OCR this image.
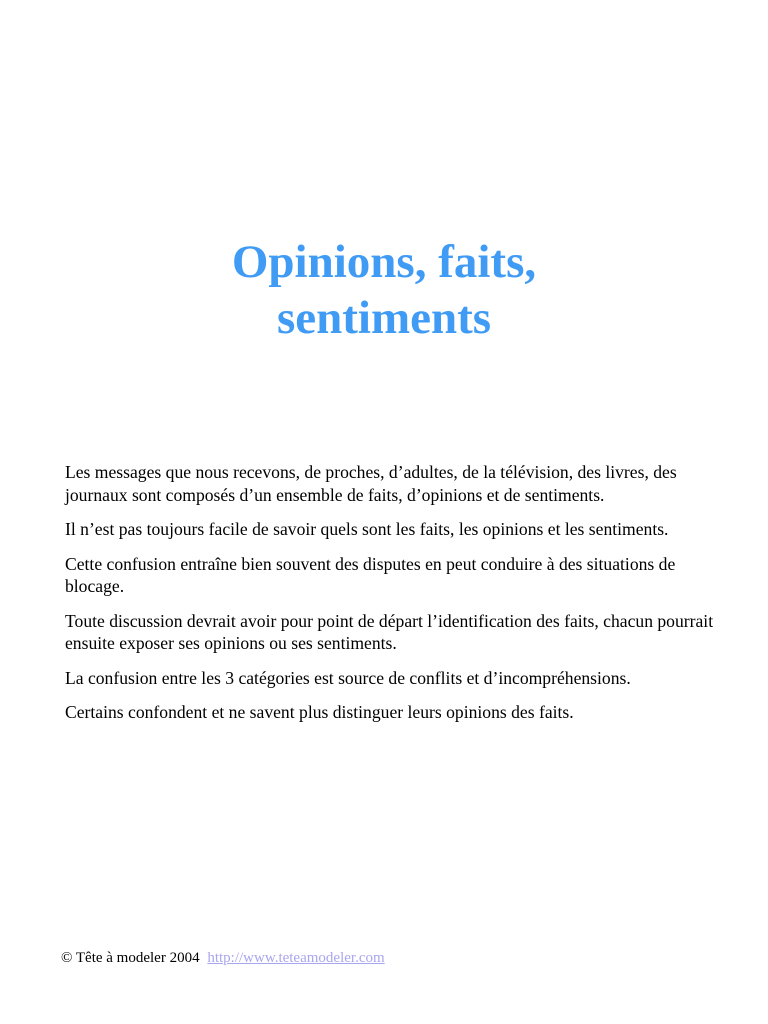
Opinions, faits,
sentiments

Les messages que nous recevons, de proches, d’adultes, de la télévision, des livres, des journaux sont composés d’un ensemble de faits, d’opinions et de sentiments.

Il n’est pas toujours facile de savoir quels sont les faits, les opinions et les sentiments.

Cette confusion entraîne bien souvent des disputes en peut conduire à des situations de blocage.

Toute discussion devrait avoir pour point de départ l’identification des faits, chacun pourrait ensuite exposer ses opinions ou ses sentiments.

La confusion entre les 3 catégories est source de conflits et d’incompréhensions.

Certains confondent et ne savent plus distinguer leurs opinions des faits.

© Tête à modeler 2004 http://www.teteamodeler.com
